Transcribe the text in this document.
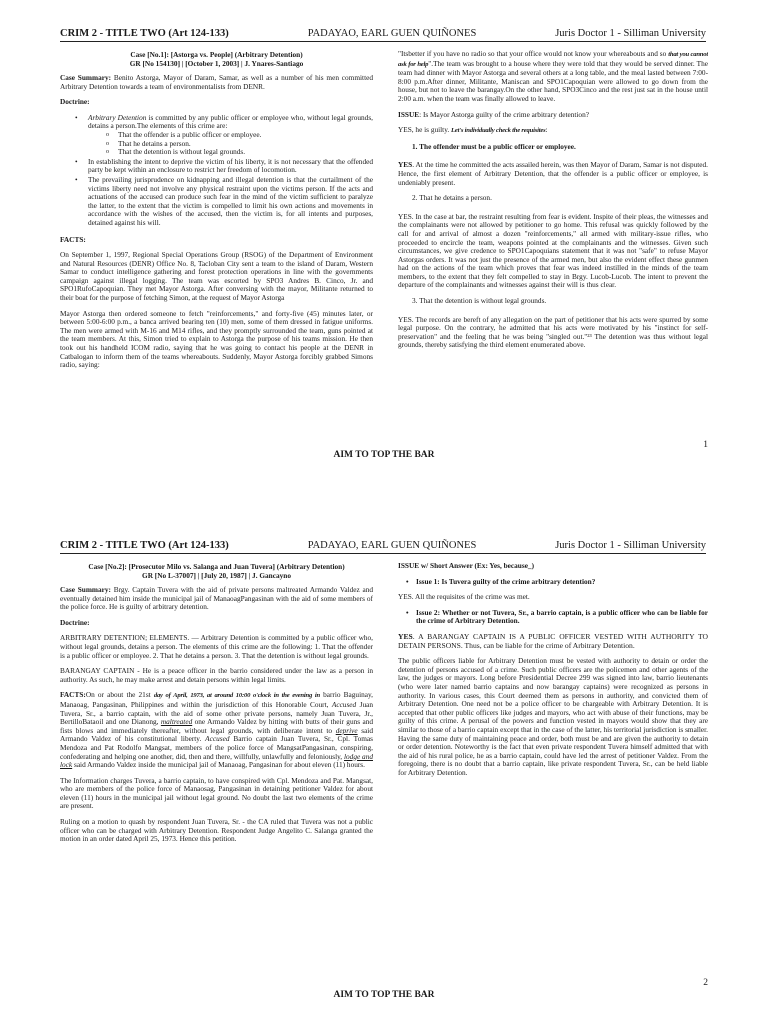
CRIM 2 - TITLE TWO (Art 124-133)	PADAYAO, EARL GUEN QUIÑONES	Juris Doctor 1 - Silliman University
Case [No.1]: [Astorga vs. People] (Arbitrary Detention)
GR [No 154130] | [October 1, 2003] | J. Ynares-Santiago

Case Summary: Benito Astorga, Mayor of Daram, Samar, as well as a number of his men committed Arbitrary Detention towards a team of environmentalists from DENR.

Doctrine:
• Arbitrary Detention is committed by any public officer or employee who, without legal grounds, detains a person.The elements of this crime are:
o That the offender is a public officer or employee.
o That he detains a person.
o That the detention is without legal grounds.
• In establishing the intent to deprive the victim of his liberty, it is not necessary that the offended party be kept within an enclosure to restrict her freedom of locomotion.
• The prevailing jurisprudence on kidnapping and illegal detention is that the curtailment of the victims liberty need not involve any physical restraint upon the victims person. If the acts and actuations of the accused can produce such fear in the mind of the victim sufficient to paralyze the latter, to the extent that the victim is compelled to limit his own actions and movements in accordance with the wishes of the accused, then the victim is, for all intents and purposes, detained against his will.
FACTS:

On September 1, 1997, Regional Special Operations Group (RSOG) of the Department of Environment and Natural Resources (DENR) Office No. 8, Tacloban City sent a team to the island of Daram, Western Samar to conduct intelligence gathering and forest protection operations in line with the governments campaign against illegal logging. The team was escorted by SPO3 Andres B. Cinco, Jr. and SPO1RufoCapoquian. They met Mayor Astorga. After conversing with the mayor, Militante returned to their boat for the purpose of fetching Simon, at the request of Mayor Astorga

Mayor Astorga then ordered someone to fetch "reinforcements," and forty-five (45) minutes later, or between 5:00-6:00 p.m., a banca arrived bearing ten (10) men, some of them dressed in fatigue uniforms. The men were armed with M-16 and M14 rifles, and they promptly surrounded the team, guns pointed at the team members. At this, Simon tried to explain to Astorga the purpose of his teams mission. He then took out his handheld ICOM radio, saying that he was going to contact his people at the DENR in Catbalogan to inform them of the teams whereabouts. Suddenly, Mayor Astorga forcibly grabbed Simons radio, saying:

"Itsbetter if you have no radio so that your office would not know your whereabouts and so that you cannot ask for help".The team was brought to a house where they were told that they would be served dinner. The team had dinner with Mayor Astorga and several others at a long table, and the meal lasted between 7:00-8:00 p.m.After dinner, Militante, Maniscan and SPO1Capoquian were allowed to go down from the house, but not to leave the barangay.On the other hand, SPO3Cinco and the rest just sat in the house until 2:00 a.m. when the team was finally allowed to leave.

ISSUE: Is Mayor Astorga guilty of the crime arbitrary detention?

YES, he is guilty. Let's individually check the requisites:

1. The offender must be a public officer or employee.

YES. At the time he committed the acts assailed herein, was then Mayor of Daram, Samar is not disputed. Hence, the first element of Arbitrary Detention, that the offender is a public officer or employee, is undeniably present.

2. That he detains a person.

YES. In the case at bar, the restraint resulting from fear is evident. Inspite of their pleas, the witnesses and the complainants were not allowed by petitioner to go home. This refusal was quickly followed by the call for and arrival of almost a dozen "reinforcements," all armed with military-issue rifles, who proceeded to encircle the team, weapons pointed at the complainants and the witnesses. Given such circumstances, we give credence to SPO1Capoquians statement that it was not "safe" to refuse Mayor Astorgas orders. It was not just the presence of the armed men, but also the evident effect these gunmen had on the actions of the team which proves that fear was indeed instilled in the minds of the team members, to the extent that they felt compelled to stay in Brgy. Lucob-Lucob. The intent to prevent the departure of the complainants and witnesses against their will is thus clear.

3. That the detention is without legal grounds.

YES. The records are bereft of any allegation on the part of petitioner that his acts were spurred by some legal purpose. On the contrary, he admitted that his acts were motivated by his "instinct for self-preservation" and the feeling that he was being "singled out."²³ The detention was thus without legal grounds, thereby satisfying the third element enumerated above.

1
AIM TO TOP THE BAR
CRIM 2 - TITLE TWO (Art 124-133)	PADAYAO, EARL GUEN QUIÑONES	Juris Doctor 1 - Silliman University
Case [No.2]: [Prosecutor Milo vs. Salanga and Juan Tuvera] (Arbitrary Detention)
GR [No L-37007] | [July 20, 1987] | J. Gancayno

Case Summary: Brgy. Captain Tuvera with the aid of private persons maltreated Armando Valdez and eventually detained him inside the municipal jail of ManaoagPangasinan with the aid of some members of the police force. He is guilty of arbitrary detention.

Doctrine:

ARBITRARY DETENTION; ELEMENTS. — Arbitrary Detention is committed by a public officer who, without legal grounds, detains a person. The elements of this crime are the following: 1. That the offender is a public officer or employee. 2. That he detains a person. 3. That the detention is without legal grounds.

BARANGAY CAPTAIN - He is a peace officer in the barrio considered under the law as a person in authority. As such, he may make arrest and detain persons within legal limits.

FACTS:On or about the 21st day of April, 1973, at around 10:00 o'clock in the evening in barrio Baguinay, Manaoag, Pangasinan, Philippines and within the jurisdiction of this Honorable Court, Accused Juan Tuvera, Sr., a barrio captain, with the aid of some other private persons, namely Juan Tuvera, Jr., BertilloBataoil and one Dianong, maltreated one Armando Valdez by hitting with butts of their guns and fists blows and immediately thereafter, without legal grounds, with deliberate intent to deprive said Armando Valdez of his constitutional liberty. Accused Barrio captain Juan Tuvera, Sr., Cpl. Tomas Mendoza and Pat Rodolfo Mangsat, members of the police force of MangsatPangasinan, conspiring, confederating and helping one another, did, then and there, willfully, unlawfully and feloniously, lodge and lock said Armando Valdez inside the municipal jail of Manaoag, Pangasinan for about eleven (11) hours.

The Information charges Tuvera, a barrio captain, to have conspired with Cpl. Mendoza and Pat. Mangsat, who are members of the police force of Manaosag, Pangasinan in detaining petitioner Valdez for about eleven (11) hours in the municipal jail without legal ground. No doubt the last two elements of the crime are present.

Ruling on a motion to quash by respondent Juan Tuvera, Sr. - the CA ruled that Tuvera was not a public officer who can be charged with Arbitrary Detention. Respondent Judge Angelito C. Salanga granted the motion in an order dated April 25, 1973. Hence this petition.

ISSUE w/ Short Answer (Ex: Yes, because_)

• Issue 1: Is Tuvera guilty of the crime arbitrary detention?

YES. All the requisites of the crime was met.

• Issue 2: Whether or not Tuvera, Sr., a barrio captain, is a public officer who can be liable for the crime of Arbitrary Detention.

YES. A BARANGAY CAPTAIN IS A PUBLIC OFFICER VESTED WITH AUTHORITY TO DETAIN PERSONS. Thus, can be liable for the crime of Arbitrary Detention.

The public officers liable for Arbitrary Detention must be vested with authority to detain or order the detention of persons accused of a crime. Such public officers are the policemen and other agents of the law, the judges or mayors. Long before Presidential Decree 299 was signed into law, barrio lieutenants (who were later named barrio captains and now barangay captains) were recognized as persons in authority. In various cases, this Court deemed them as persons in authority, and convicted them of Arbitrary Detention. One need not be a police officer to be chargeable with Arbitrary Detention. It is accepted that other public officers like judges and mayors, who act with abuse of their functions, may be guilty of this crime. A perusal of the powers and function vested in mayors would show that they are similar to those of a barrio captain except that in the case of the latter, his territorial jurisdiction is smaller. Having the same duty of maintaining peace and order, both must be and are given the authority to detain or order detention. Noteworthy is the fact that even private respondent Tuvera himself admitted that with the aid of his rural police, he as a barrio captain, could have led the arrest of petitioner Valdez. From the foregoing, there is no doubt that a barrio captain, like private respondent Tuvera, Sr., can be held liable for Arbitrary Detention.

2
AIM TO TOP THE BAR
